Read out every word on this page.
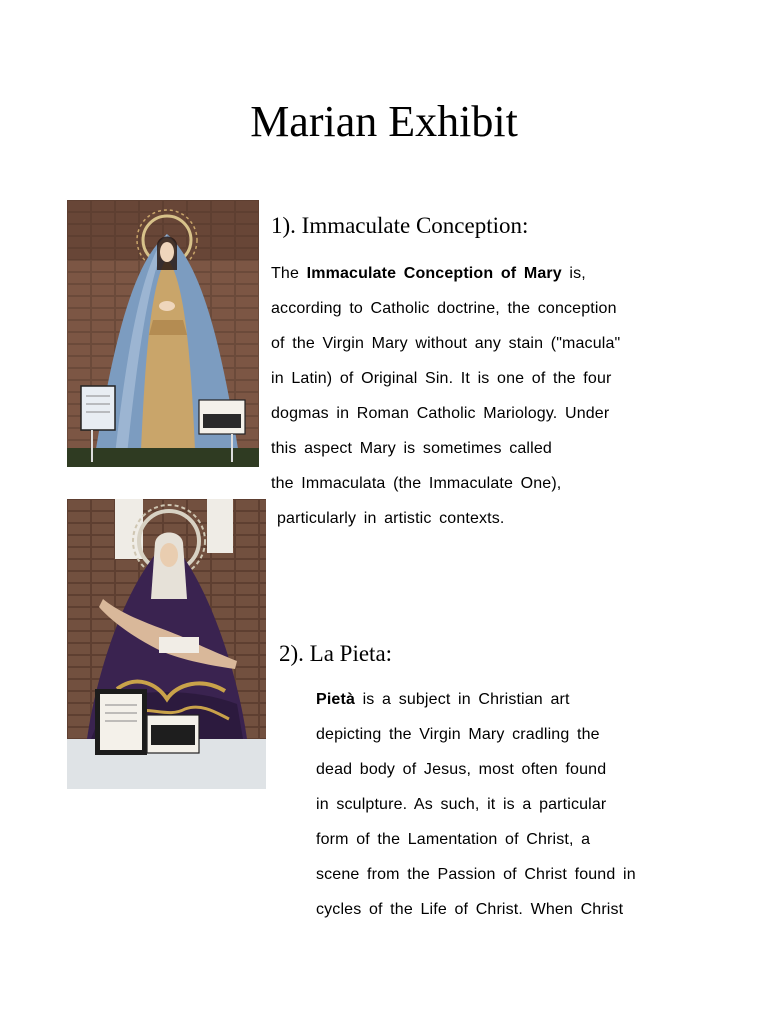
Marian Exhibit
1). Immaculate Conception:

The Immaculate Conception of Mary is,

according to Catholic doctrine, the conception

of the Virgin Mary without any stain ("macula"

in Latin) of Original Sin. It is one of the four

dogmas in Roman Catholic Mariology. Under

this aspect Mary is sometimes called

the Immaculata (the Immaculate One),

particularly in artistic contexts.

2). La Pieta:

Pietà is a subject in Christian art

depicting the Virgin Mary cradling the

dead body of Jesus, most often found

in sculpture. As such, it is a particular

form of the Lamentation of Christ, a

scene from the Passion of Christ found in

cycles of the Life of Christ. When Christ
